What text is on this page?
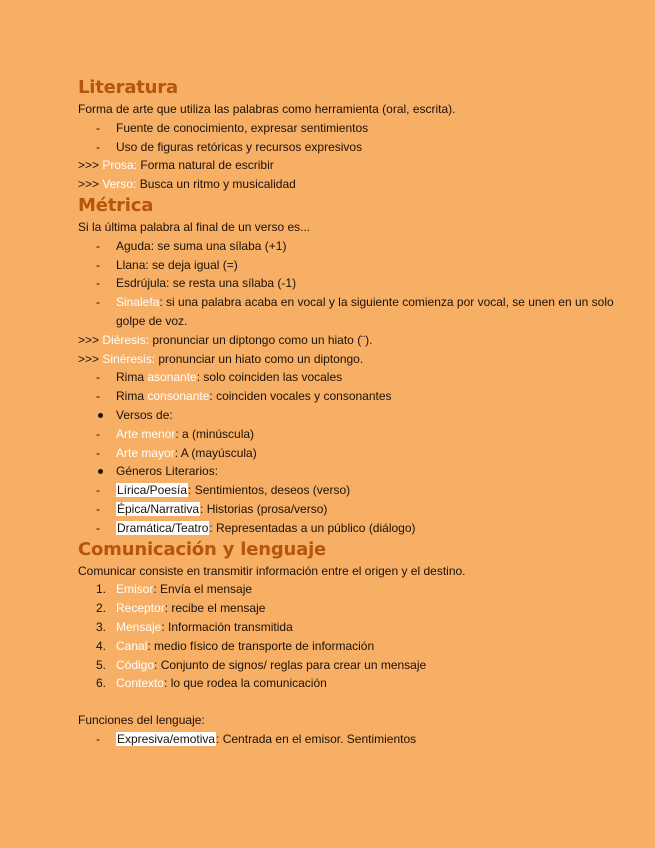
Literatura
Forma de arte que utiliza las palabras como herramienta (oral, escrita).
- Fuente de conocimiento, expresar sentimientos
- Uso de figuras retóricas y recursos expresivos
>>> Prosa: Forma natural de escribir
>>> Verso: Busca un ritmo y musicalidad
Métrica
Si la última palabra al final de un verso es...
- Aguda: se suma una sílaba (+1)
- Llana: se deja igual (=)
- Esdrújula: se resta una sílaba (-1)
- Sinalefa: si una palabra acaba en vocal y la siguiente comienza por vocal, se unen en un solo golpe de voz.
>>> Diéresis: pronunciar un diptongo como un hiato (¨).
>>> Sinéresis: pronunciar un hiato como un diptongo.
- Rima asonante: solo coinciden las vocales
- Rima consonante: coinciden vocales y consonantes
Versos de:
- Arte menor: a (minúscula)
- Arte mayor: A (mayúscula)
Géneros Literarios:
- Lírica/Poesía: Sentimientos, deseos (verso)
- Épica/Narrativa: Historias (prosa/verso)
- Dramática/Teatro: Representadas a un público (diálogo)
Comunicación y lenguaje
Comunicar consiste en transmitir información entre el origen y el destino.
1. Emisor: Envía el mensaje
2. Receptor: recibe el mensaje
3. Mensaje: Información transmitida
4. Canal: medio físico de transporte de información
5. Código: Conjunto de signos/ reglas para crear un mensaje
6. Contexto: lo que rodea la comunicación
Funciones del lenguaje:
- Expresiva/emotiva: Centrada en el emisor. Sentimientos
